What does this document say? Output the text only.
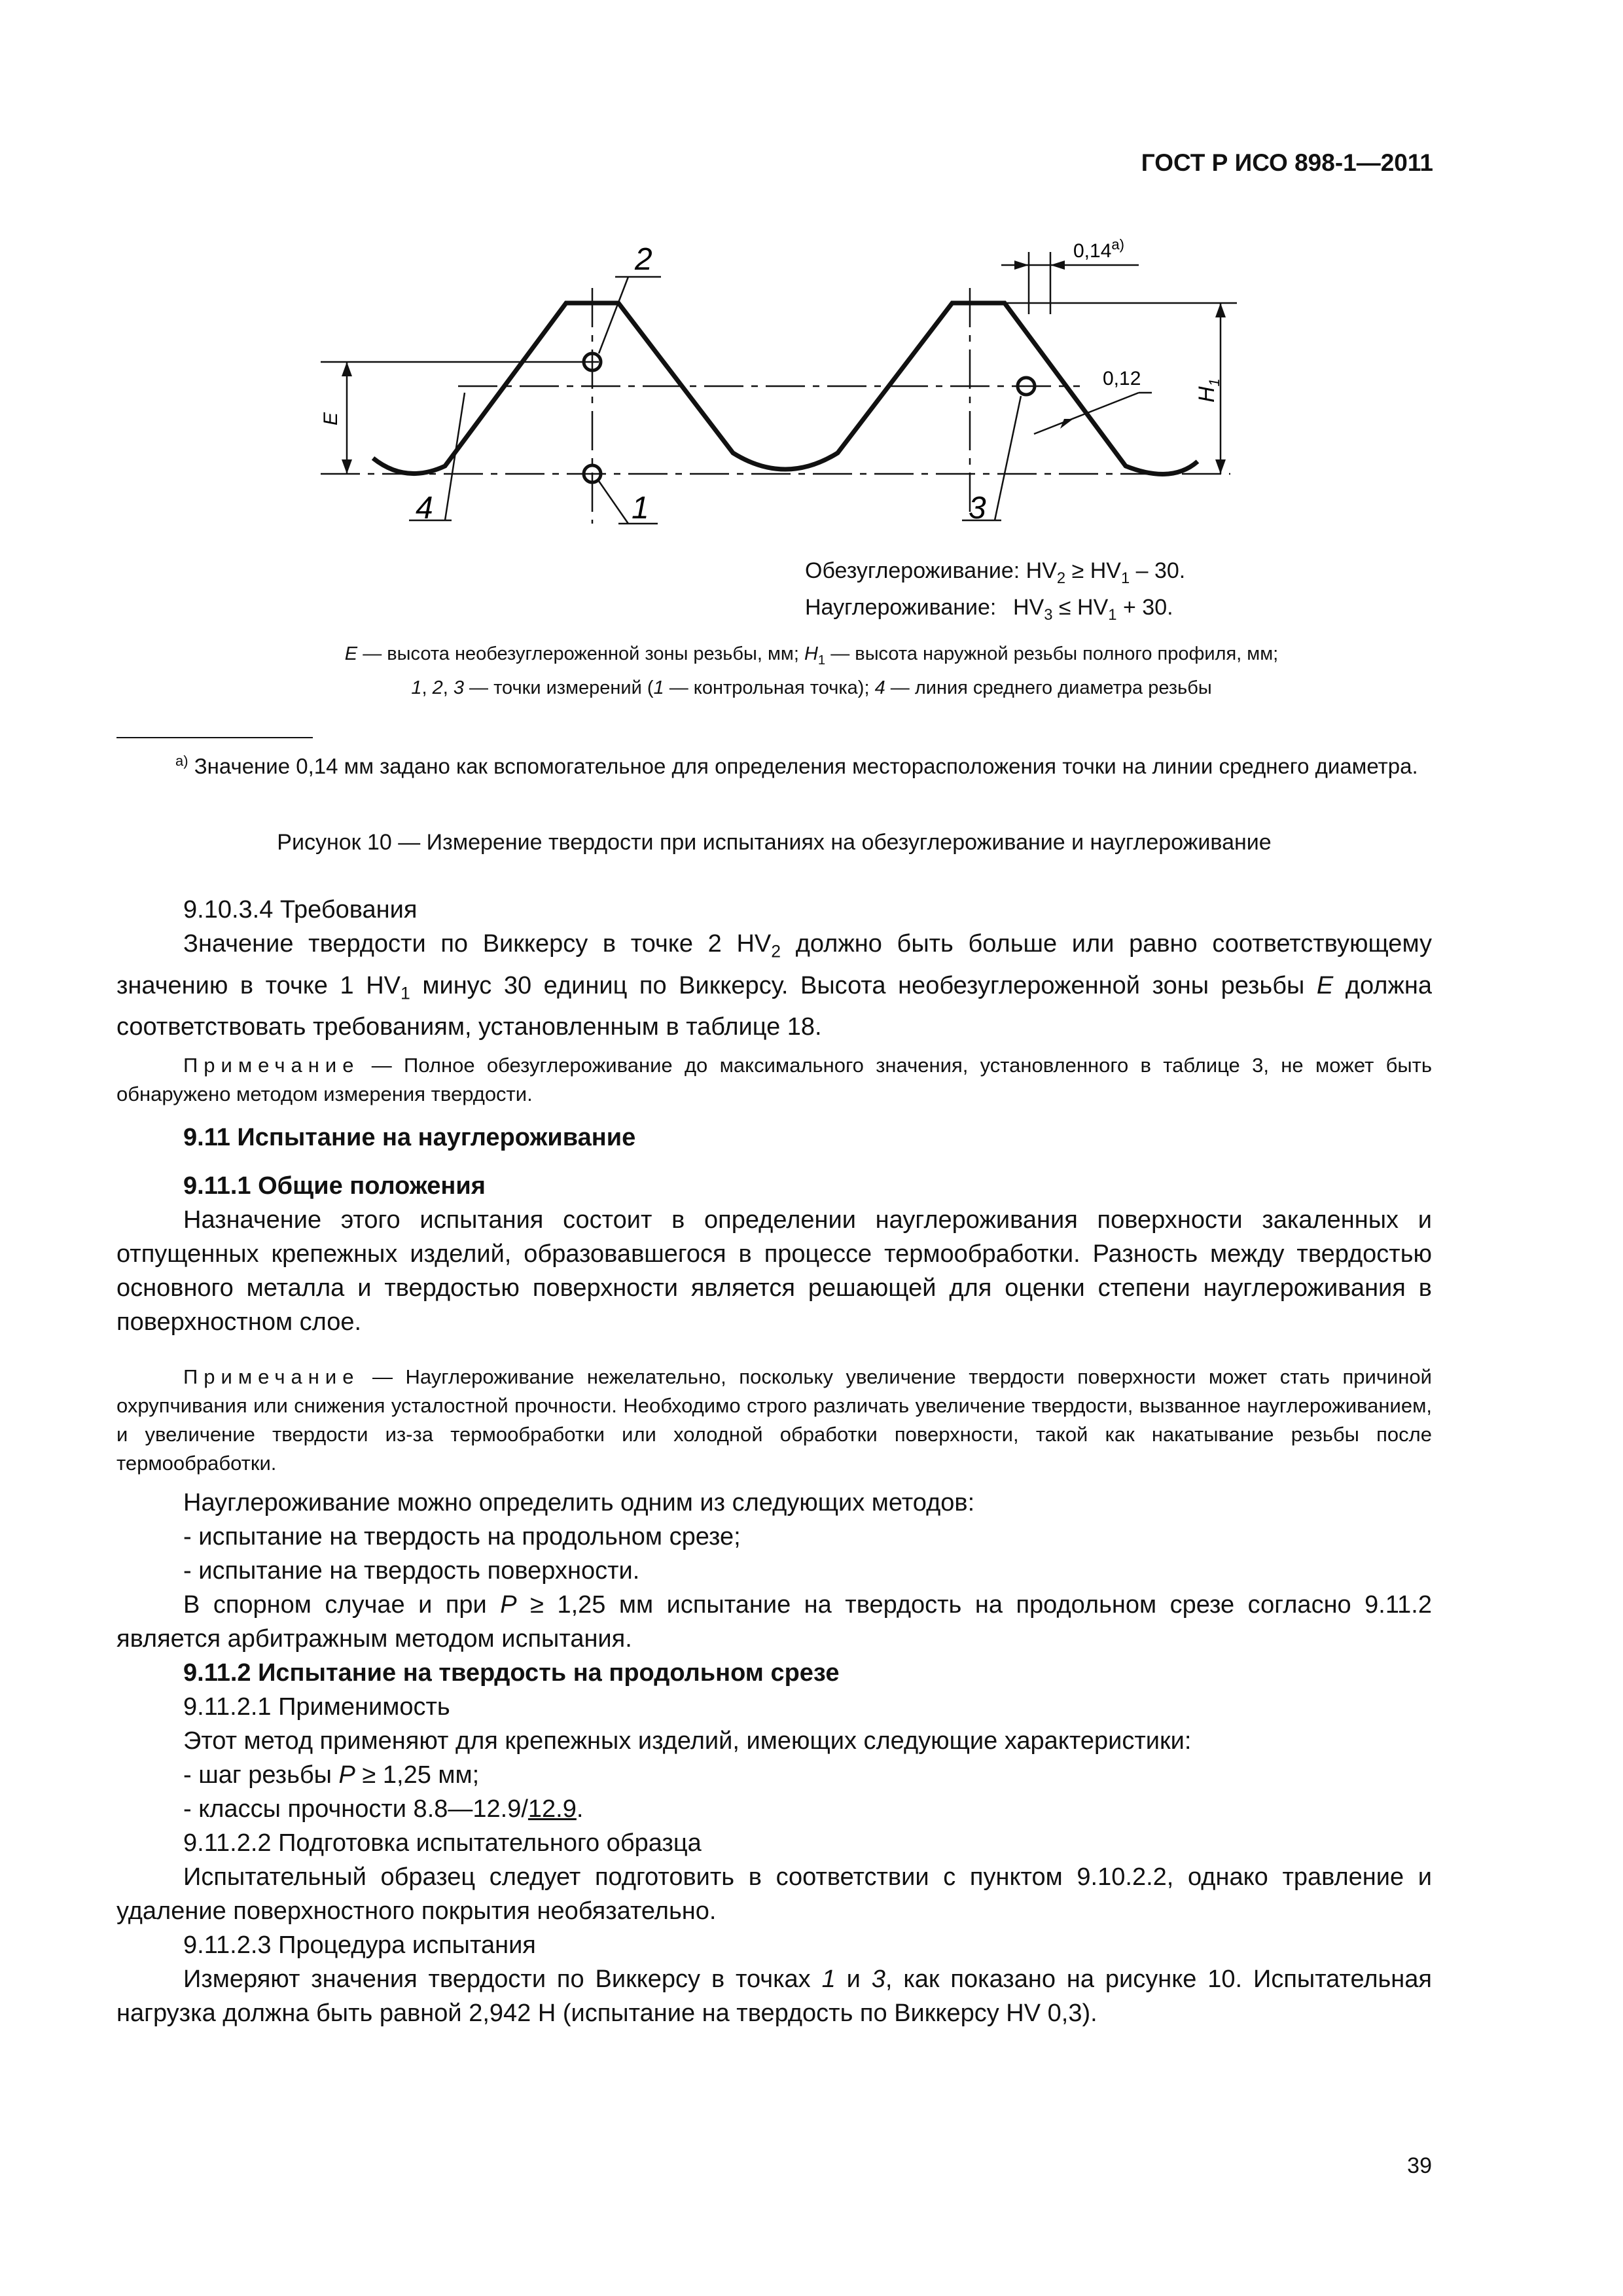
ГОСТ Р ИСО 898-1—2011
E
$H_1$
0,14$^{a)}$
0,12
2
1	3
4
Обезуглероживание: $HV_2 \ge HV_1 - 30$.
Науглероживание: $HV_3 \le HV_1 + 30$.
E — высота необезуглероженной зоны резьбы, мм; $H_1$ — высота наружной резьбы полного профиля, мм;
1, 2, 3 — точки измерений (1 — контрольная точка); 4 — линия среднего диаметра резьбы
$^{a)}$ Значение 0,14 мм задано как вспомогательное для определения месторасположения точки на линии среднего диаметра.
Рисунок 10 — Измерение твердости при испытаниях на обезуглероживание и науглероживание
9.10.3.4 Требования
Значение твердости по Виккерсу в точке 2 $HV_2$ должно быть больше или равно соответствующему значению в точке 1 $HV_1$ минус 30 единиц по Виккерсу. Высота необезуглероженной зоны резьбы E должна соответствовать требованиям, установленным в таблице 18.
Примечание — Полное обезуглероживание до максимального значения, установленного в таблице 3, не может быть обнаружено методом измерения твердости.
9.11 Испытание на науглероживание
9.11.1 Общие положения
Назначение этого испытания состоит в определении науглероживания поверхности закаленных и отпущенных крепежных изделий, образовавшегося в процессе термообработки. Разность между твердостью основного металла и твердостью поверхности является решающей для оценки степени науглероживания в поверхностном слое.
Примечание — Науглероживание нежелательно, поскольку увеличение твердости поверхности может стать причиной охрупчивания или снижения усталостной прочности. Необходимо строго различать увеличение твердости, вызванное науглероживанием, и увеличение твердости из-за термообработки или холодной обработки поверхности, такой как накатывание резьбы после термообработки.
Науглероживание можно определить одним из следующих методов:
- испытание на твердость на продольном срезе;
- испытание на твердость поверхности.
В спорном случае и при P ≥ 1,25 мм испытание на твердость на продольном срезе согласно 9.11.2 является арбитражным методом испытания.
9.11.2 Испытание на твердость на продольном срезе
9.11.2.1 Применимость
Этот метод применяют для крепежных изделий, имеющих следующие характеристики:
- шаг резьбы P ≥ 1,25 мм;
- классы прочности 8.8—12.9/12.9.
9.11.2.2 Подготовка испытательного образца
Испытательный образец следует подготовить в соответствии с пунктом 9.10.2.2, однако травление и удаление поверхностного покрытия необязательно.
9.11.2.3 Процедура испытания
Измеряют значения твердости по Виккерсу в точках 1 и 3, как показано на рисунке 10. Испытательная нагрузка должна быть равной 2,942 Н (испытание на твердость по Виккерсу HV 0,3).
39
